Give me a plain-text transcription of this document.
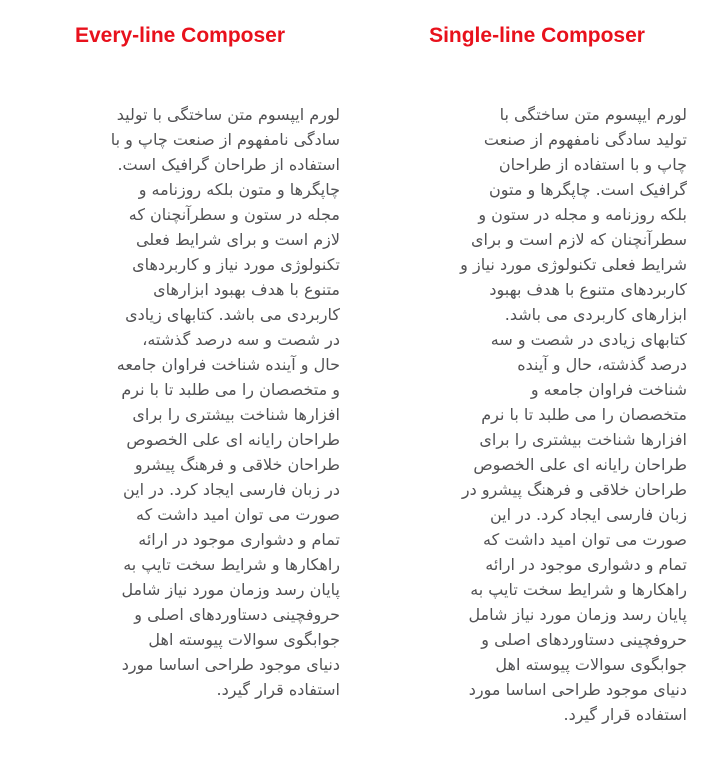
Every-line Composer
لورم ایپسوم متن ساختگی با تولید
سادگی نامفهوم از صنعت چاپ و با
استفاده از طراحان گرافیک است.
چاپگرها و متون بلکه روزنامه و
مجله در ستون و سطرآنچنان که
لازم است و برای شرایط فعلی
تکنولوژی مورد نیاز و کاربردهای
متنوع با هدف بهبود ابزارهای
کاربردی می باشد. کتابهای زیادی
در شصت و سه درصد گذشته،
حال و آینده شناخت فراوان جامعه
و متخصصان را می طلبد تا با نرم
افزارها شناخت بیشتری را برای
طراحان رایانه ای علی الخصوص
طراحان خلاقی و فرهنگ پیشرو
در زبان فارسی ایجاد کرد. در این
صورت می توان امید داشت که
تمام و دشواری موجود در ارائه
راهکارها و شرایط سخت تایپ به
پایان رسد وزمان مورد نیاز شامل
حروفچینی دستاوردهای اصلی و
جوابگوی سوالات پیوسته اهل
دنیای موجود طراحی اساسا مورد
استفاده قرار گیرد.
Single-line Composer
لورم ایپسوم متن ساختگی با
تولید سادگی نامفهوم از صنعت
چاپ و با استفاده از طراحان
گرافیک است. چاپگرها و متون
بلکه روزنامه و مجله در ستون و
سطرآنچنان که لازم است و برای
شرایط فعلی تکنولوژی مورد نیاز و
کاربردهای متنوع با هدف بهبود
ابزارهای کاربردی می باشد.
کتابهای زیادی در شصت و سه
درصد گذشته، حال و آینده
شناخت فراوان جامعه و
متخصصان را می طلبد تا با نرم
افزارها شناخت بیشتری را برای
طراحان رایانه ای علی الخصوص
طراحان خلاقی و فرهنگ پیشرو در
زبان فارسی ایجاد کرد. در این
صورت می توان امید داشت که
تمام و دشواری موجود در ارائه
راهکارها و شرایط سخت تایپ به
پایان رسد وزمان مورد نیاز شامل
حروفچینی دستاوردهای اصلی و
جوابگوی سوالات پیوسته اهل
دنیای موجود طراحی اساسا مورد
استفاده قرار گیرد.
